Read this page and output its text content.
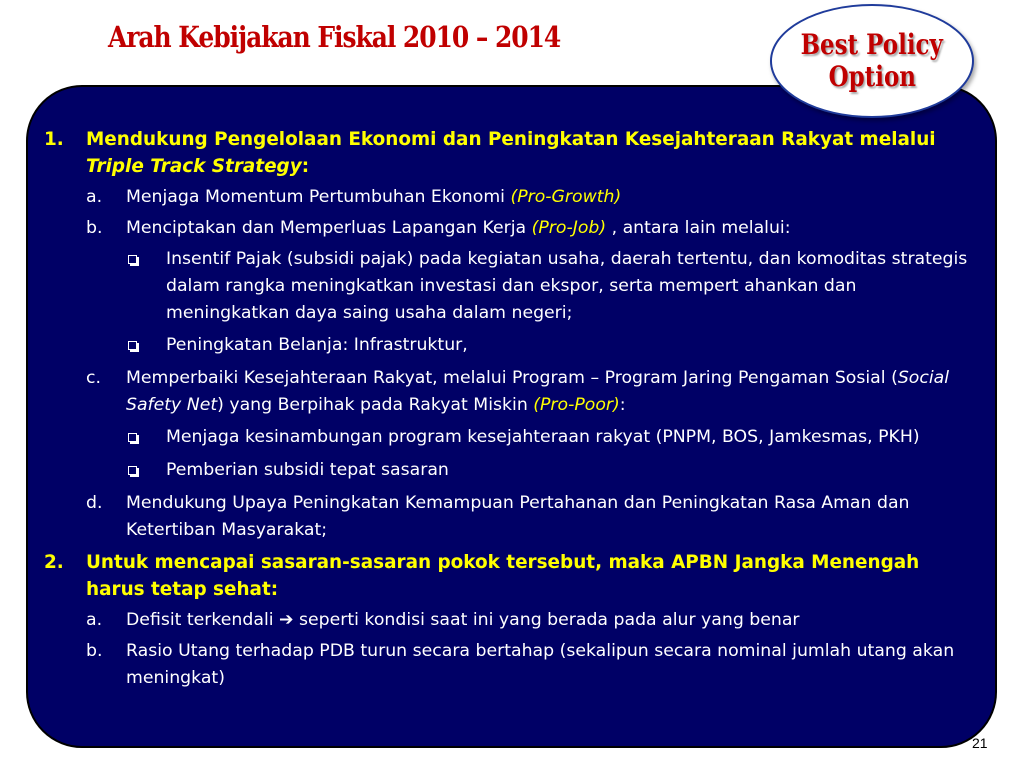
Arah Kebijakan Fiskal 2010 – 2014	Best Policy
Option
1.	Mendukung Pengelolaan Ekonomi dan Peningkatan Kesejahteraan Rakyat melalui Triple Track Strategy:
a.	Menjaga Momentum Pertumbuhan Ekonomi (Pro-Growth)
b.	Menciptakan dan Memperluas Lapangan Kerja (Pro-Job) , antara lain melalui:
Insentif Pajak (subsidi pajak) pada kegiatan usaha, daerah tertentu, dan komoditas strategis dalam rangka meningkatkan investasi dan ekspor, serta mempert ahankan dan meningkatkan daya saing usaha dalam negeri;
Peningkatan Belanja: Infrastruktur,
c.	Memperbaiki Kesejahteraan Rakyat, melalui Program – Program Jaring Pengaman Sosial (Social Safety Net) yang Berpihak pada Rakyat Miskin (Pro-Poor):
Menjaga kesinambungan program kesejahteraan rakyat (PNPM, BOS, Jamkesmas, PKH)
Pemberian subsidi tepat sasaran
d.	Mendukung Upaya Peningkatan Kemampuan Pertahanan dan Peningkatan Rasa Aman dan Ketertiban Masyarakat;
2.	Untuk mencapai sasaran-sasaran pokok tersebut, maka APBN Jangka Menengah harus tetap sehat:
a.	Defisit terkendali ➔ seperti kondisi saat ini yang berada pada alur yang benar
b.	Rasio Utang terhadap PDB turun secara bertahap (sekalipun secara nominal jumlah utang akan meningkat)
21
